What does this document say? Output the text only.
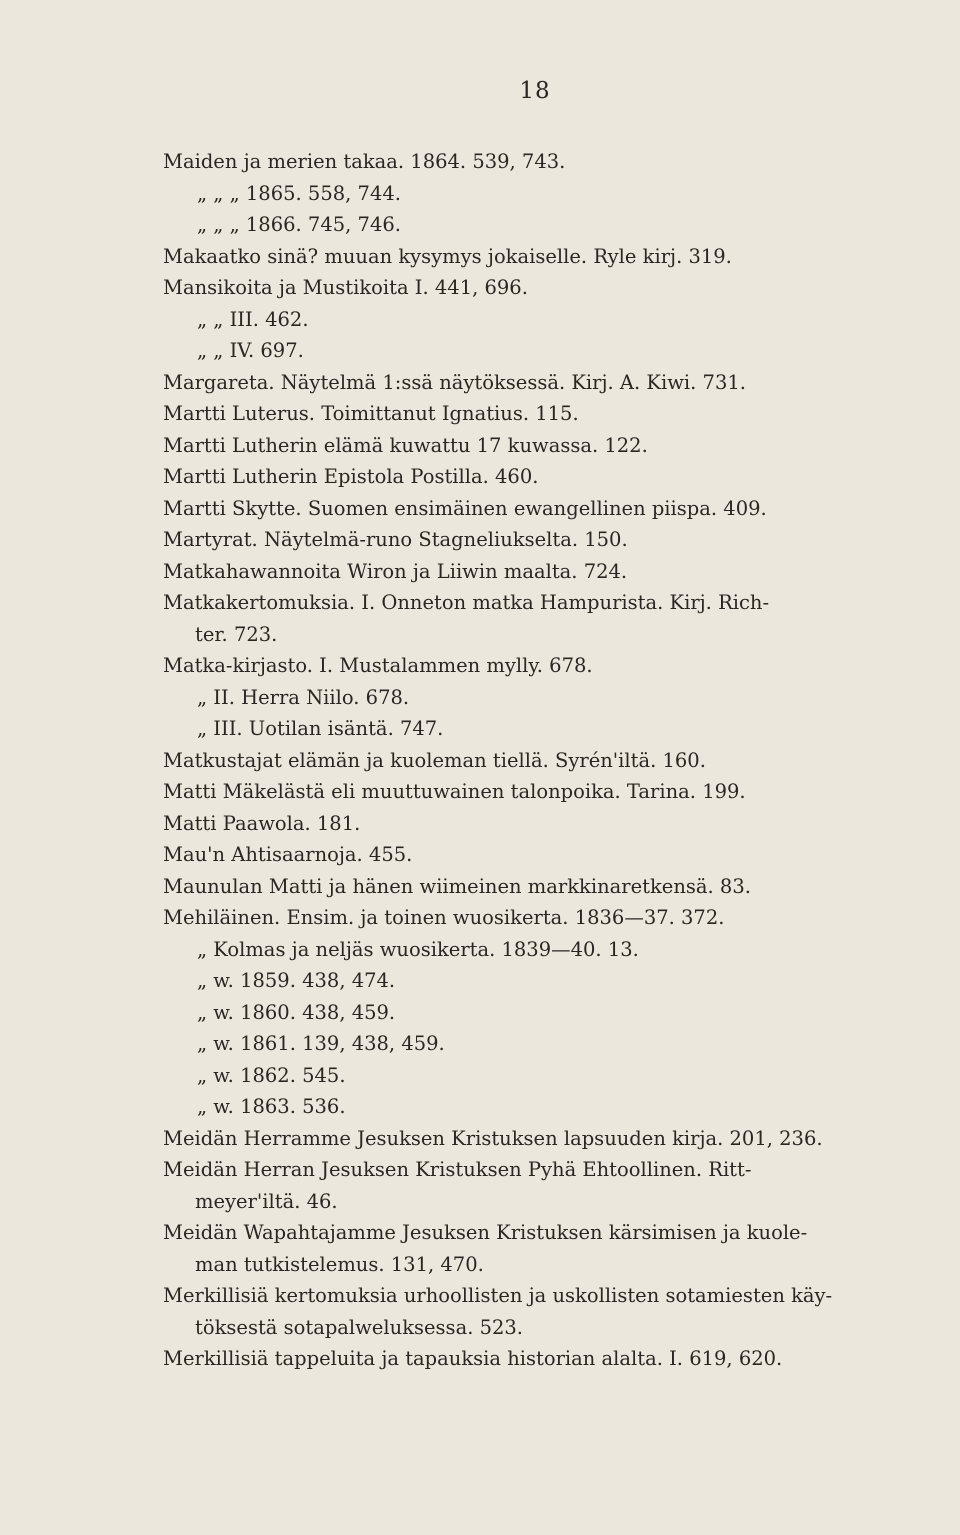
18
Maiden ja merien takaa. 1864. 539, 743.
„ „ „ 1865. 558, 744.
„ „ „ 1866. 745, 746.
Makaatko sinä? muuan kysymys jokaiselle. Ryle kirj. 319.
Mansikoita ja Mustikoita I. 441, 696.
„ „ III. 462.
„ „ IV. 697.
Margareta. Näytelmä 1:ssä näytöksessä. Kirj. A. Kiwi. 731.
Martti Luterus. Toimittanut Ignatius. 115.
Martti Lutherin elämä kuwattu 17 kuwassa. 122.
Martti Lutherin Epistola Postilla. 460.
Martti Skytte. Suomen ensimäinen ewangellinen piispa. 409.
Martyrat. Näytelmä-runo Stagneliukselta. 150.
Matkahawannoita Wiron ja Liiwin maalta. 724.
Matkakertomuksia. I. Onneton matka Hampurista. Kirj. Rich-
ter. 723.
Matka-kirjasto. I. Mustalammen mylly. 678.
„ II. Herra Niilo. 678.
„ III. Uotilan isäntä. 747.
Matkustajat elämän ja kuoleman tiellä. Syrén'iltä. 160.
Matti Mäkelästä eli muuttuwainen talonpoika. Tarina. 199.
Matti Paawola. 181.
Mau'n Ahtisaarnoja. 455.
Maunulan Matti ja hänen wiimeinen markkinaretkensä. 83.
Mehiläinen. Ensim. ja toinen wuosikerta. 1836—37. 372.
„ Kolmas ja neljäs wuosikerta. 1839—40. 13.
„ w. 1859. 438, 474.
„ w. 1860. 438, 459.
„ w. 1861. 139, 438, 459.
„ w. 1862. 545.
„ w. 1863. 536.
Meidän Herramme Jesuksen Kristuksen lapsuuden kirja. 201, 236.
Meidän Herran Jesuksen Kristuksen Pyhä Ehtoollinen. Ritt-
meyer'iltä. 46.
Meidän Wapahtajamme Jesuksen Kristuksen kärsimisen ja kuole-
man tutkistelemus. 131, 470.
Merkillisiä kertomuksia urhoollisten ja uskollisten sotamiesten käy-
töksestä sotapalweluksessa. 523.
Merkillisiä tappeluita ja tapauksia historian alalta. I. 619, 620.
